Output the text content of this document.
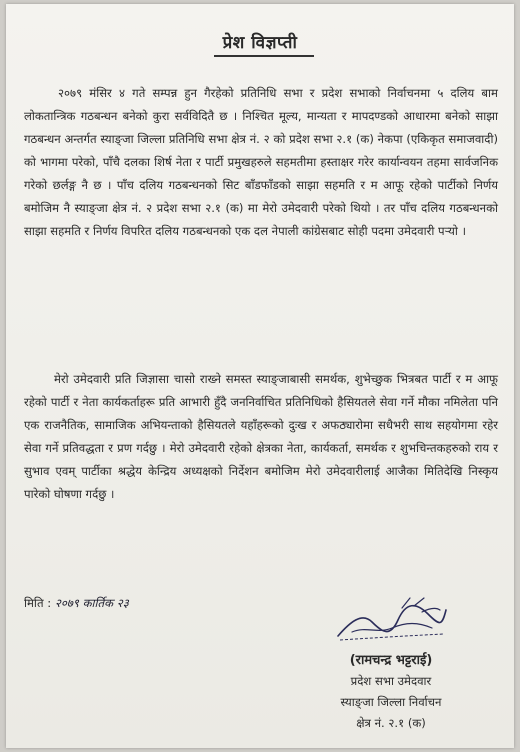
प्रेश विज्ञप्ती

२०७९ मंसिर ४ गते सम्पन्न हुन गैरहेको प्रतिनिधि सभा र प्रदेश सभाको निर्वाचनमा ५ दलिय बाम लोकतान्त्रिक गठबन्धन बनेको कुरा सर्वविदितै छ । निश्चित मूल्य, मान्यता र मापदण्डको आधारमा बनेको साझा गठबन्धन अन्तर्गत स्याङ्जा जिल्ला प्रतिनिधि सभा क्षेत्र नं. २ को प्रदेश सभा २.१ (क) नेकपा (एकिकृत समाजवादी) को भागमा परेको, पाँचै दलका शिर्ष नेता र पार्टी प्रमुखहरुले सहमतीमा हस्ताक्षर गरेर कार्यान्वयन तहमा सार्वजनिक गरेको छर्लङ्ग नै छ । पाँच दलिय गठबन्धनको सिट बाँडफाँडको साझा सहमति र म आफू रहेको पार्टीको निर्णय बमोजिम नै स्याङ्जा क्षेत्र नं. २ प्रदेश सभा २.१ (क) मा मेरो उमेदवारी परेको थियो । तर पाँच दलिय गठबन्धनको साझा सहमति र निर्णय विपरित दलिय गठबन्धनको एक दल नेपाली कांग्रेसबाट सोही पदमा उमेदवारी पर्‍यो ।

मेरो उमेदवारी प्रति जिज्ञासा चासो राख्ने समस्त स्याङ्जाबासी समर्थक, शुभेच्छुक भित्रबत पार्टी र म आफू रहेको पार्टी र नेता कार्यकर्ताहरू प्रति आभारी हुँदै जननिर्वाचित प्रतिनिधिको हैसियतले सेवा गर्ने मौका नमिलेता पनि एक राजनैतिक, सामाजिक अभियन्ताको हैसियतले यहाँहरूको दुःख र अफठ्यारोमा सधैभरी साथ सहयोगमा रहेर सेवा गर्ने प्रतिवद्धता र प्रण गर्दछु । मेरो उमेदवारी रहेको क्षेत्रका नेता, कार्यकर्ता, समर्थक र शुभचिन्तकहरुको राय र सुभाव एवम् पार्टीका श्रद्धेय केन्द्रिय अध्यक्षको निर्देशन बमोजिम मेरो उमेदवारीलाई आजैका मितिदेखि निस्कृय पारेको घोषणा गर्दछु ।

मिति : २०७९ कार्तिक २३
(रामचन्द्र भट्टराई)
प्रदेश सभा उमेदवार
स्याङ्जा जिल्ला निर्वाचन
क्षेत्र नं. २.१ (क)
